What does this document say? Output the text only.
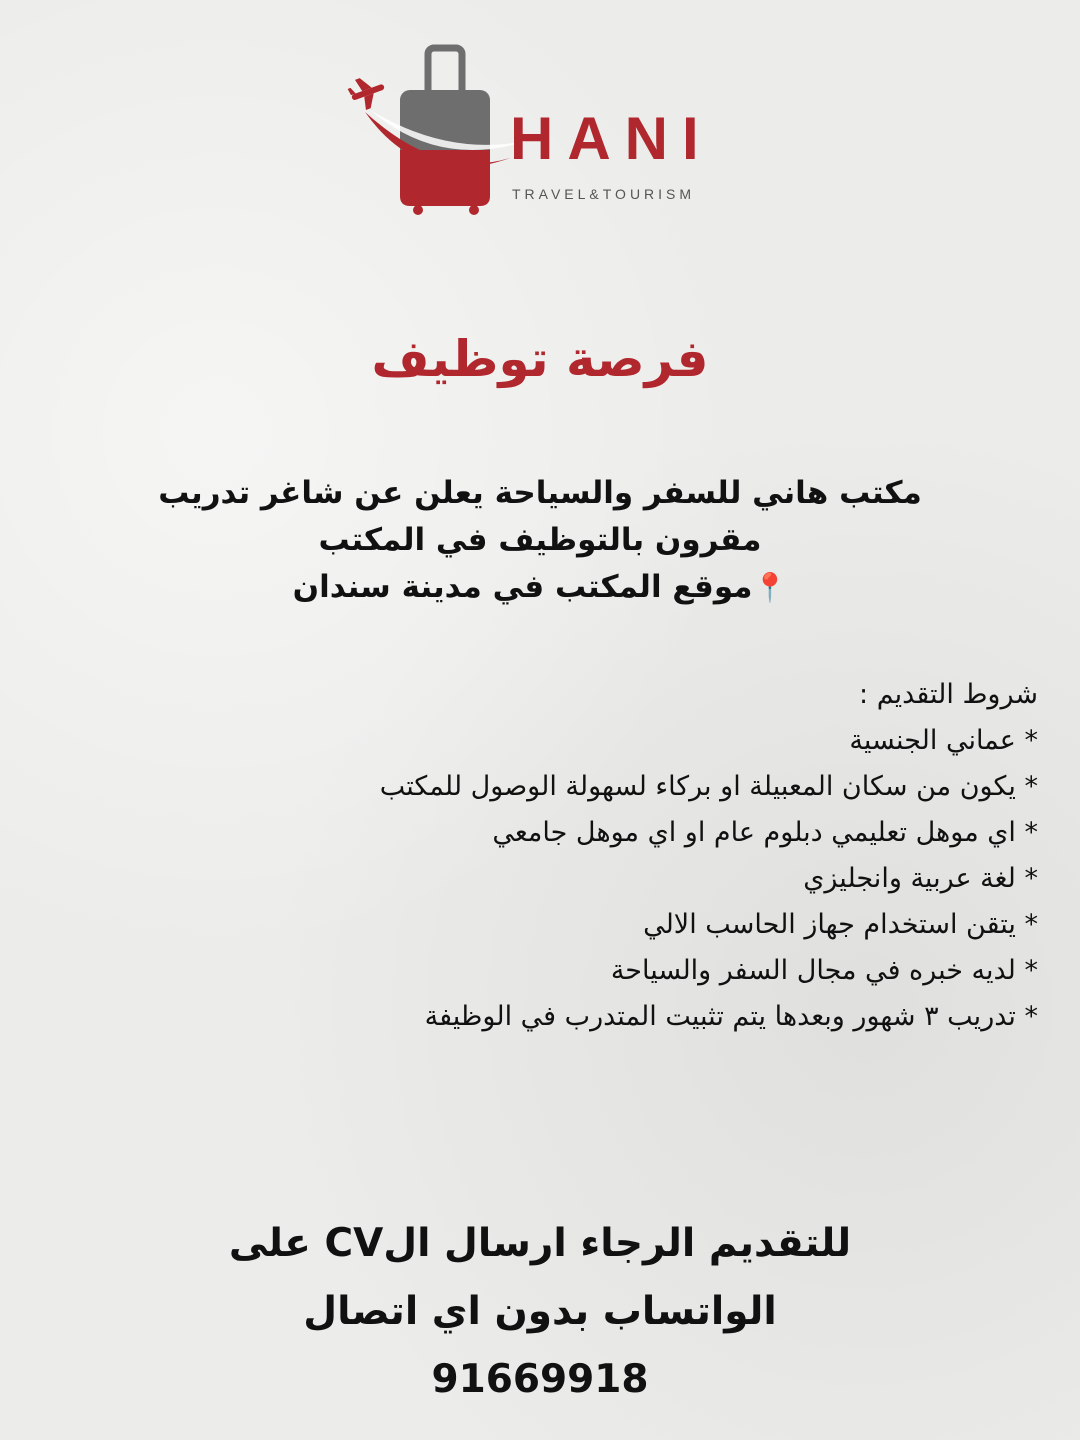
HANI
TRAVEL&TOURISM
فرصة توظيف
مكتب هاني للسفر والسياحة يعلن عن شاغر تدريب
مقرون بالتوظيف في المكتب
📍موقع المكتب في مدينة سندان
شروط التقديم :
* عماني الجنسية
* يكون من سكان المعبيلة او بركاء لسهولة الوصول للمكتب
* اي موهل تعليمي دبلوم عام او اي موهل جامعي
* لغة عربية وانجليزي
* يتقن استخدام جهاز الحاسب الالي
* لديه خبره في مجال السفر والسياحة
* تدريب ٣ شهور وبعدها يتم تثبيت المتدرب في الوظيفة
للتقديم الرجاء ارسال الCV على
الواتساب بدون اي اتصال
91669918
